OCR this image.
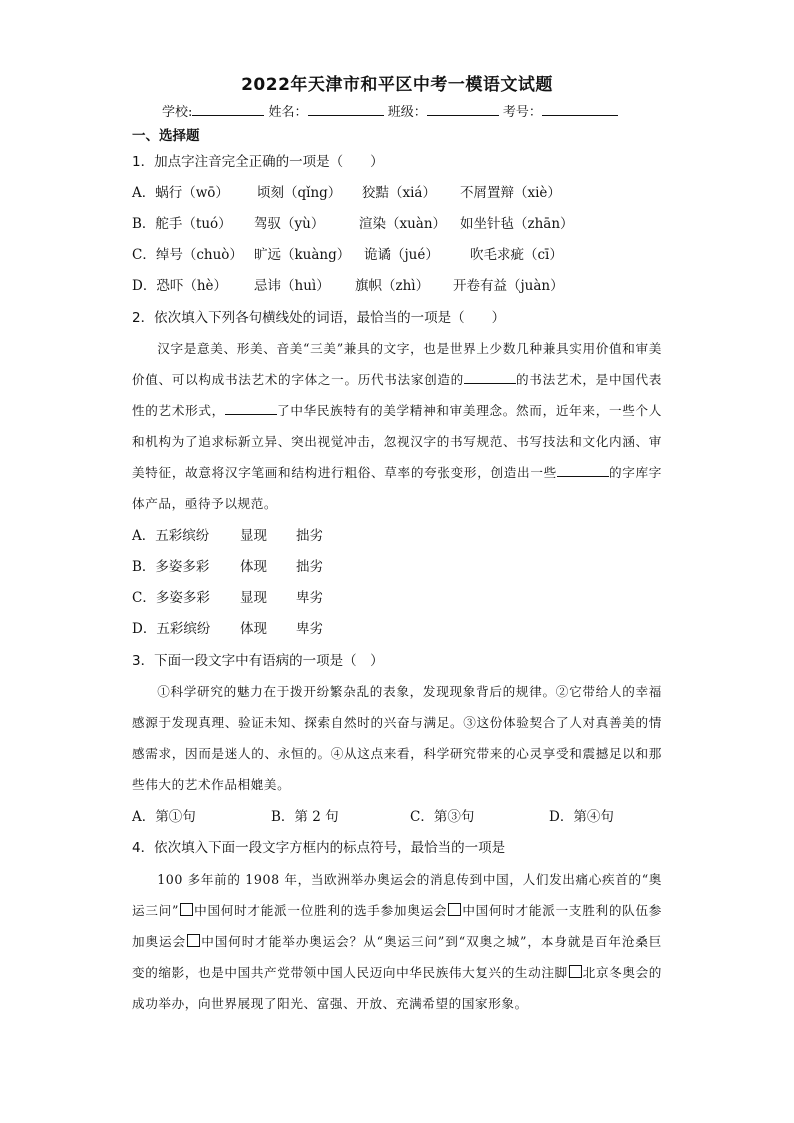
2022年天津市和平区中考一模语文试题
学校:	姓名：	班级：	考号：
一、选择题
1．加点字注音完全正确的一项是（　　）
A．蜗行（wō） 顷刻（qǐng） 狡黠（xiá） 不屑置辩（xiè）
B．舵手（tuó） 驾驭（yù）	渲染（xuàn） 如坐针毡（zhān）
C．绰号（chuò） 旷远（kuàng） 诡谲（jué） 吹毛求疵（cī）
D．恐吓（hè） 忌讳（huì） 旗帜（zhì） 开卷有益（juàn）
2．依次填入下列各句横线处的词语，最恰当的一项是（　　）

汉字是意美、形美、音美“三美”兼具的文字，也是世界上少数几种兼具实用价值和审美价值、可以构成书法艺术的字体之一。历代书法家创造的	的书法艺术，是中国代表性的艺术形式，	了中华民族特有的美学精神和审美理念。然而，近年来，一些个人和机构为了追求标新立异、突出视觉冲击，忽视汉字的书写规范、书写技法和文化内涵、审美特征，故意将汉字笔画和结构进行粗俗、草率的夸张变形，创造出一些	的字库字体产品，亟待予以规范。

A．五彩缤纷 显现 拙劣
B．多姿多彩 体现 拙劣
C．多姿多彩 显现 卑劣
D．五彩缤纷 体现 卑劣
3．下面一段文字中有语病的一项是（　）

①科学研究的魅力在于拨开纷繁杂乱的表象，发现现象背后的规律。②它带给人的幸福感源于发现真理、验证未知、探索自然时的兴奋与满足。③这份体验契合了人对真善美的情感需求，因而是迷人的、永恒的。④从这点来看，科学研究带来的心灵享受和震撼足以和那些伟大的艺术作品相媲美。

A．第①句	B．第 2 句	C．第③句	D．第④句
4．依次填入下面一段文字方框内的标点符号，最恰当的一项是

100 多年前的 1908 年，当欧洲举办奥运会的消息传到中国，人们发出痛心疾首的“奥运三问” 中国何时才能派一位胜利的选手参加奥运会 中国何时才能派一支胜利的队伍参加奥运会 中国何时才能举办奥运会？从“奥运三问”到“双奥之城”，本身就是百年沧桑巨变的缩影，也是中国共产党带领中国人民迈向中华民族伟大复兴的生动注脚 北京冬奥会的成功举办，向世界展现了阳光、富强、开放、充满希望的国家形象。
